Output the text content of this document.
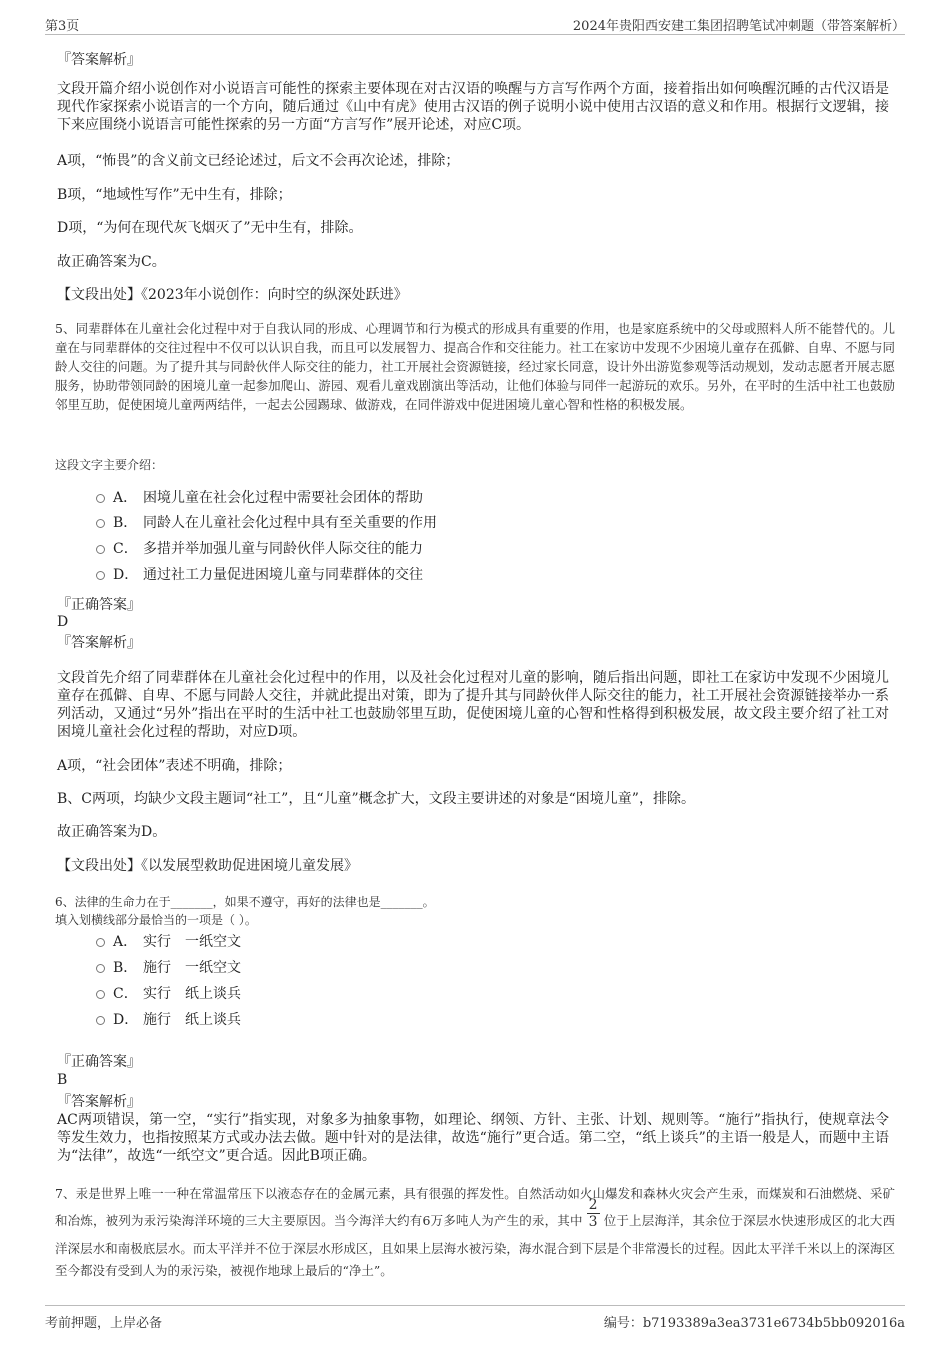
第3页	2024年贵阳西安建工集团招聘笔试冲刺题（带答案解析）
『答案解析』
文段开篇介绍小说创作对小说语言可能性的探索主要体现在对古汉语的唤醒与方言写作两个方面，接着指出如何唤醒沉睡的古代汉语是现代作家探索小说语言的一个方向，随后通过《山中有虎》使用古汉语的例子说明小说中使用古汉语的意义和作用。根据行文逻辑，接下来应围绕小说语言可能性探索的另一方面“方言写作”展开论述，对应C项。
A项，“怖畏”的含义前文已经论述过，后文不会再次论述，排除；
B项，“地域性写作”无中生有，排除；
D项，“为何在现代灰飞烟灭了”无中生有，排除。
故正确答案为C。
【文段出处】《2023年小说创作：向时空的纵深处跃进》
5、同辈群体在儿童社会化过程中对于自我认同的形成、心理调节和行为模式的形成具有重要的作用，也是家庭系统中的父母或照料人所不能替代的。儿童在与同辈群体的交往过程中不仅可以认识自我，而且可以发展智力、提高合作和交往能力。社工在家访中发现不少困境儿童存在孤僻、自卑、不愿与同龄人交往的问题。为了提升其与同龄伙伴人际交往的能力，社工开展社会资源链接，经过家长同意，设计外出游览参观等活动规划，发动志愿者开展志愿服务，协助带领同龄的困境儿童一起参加爬山、游园、观看儿童戏剧演出等活动，让他们体验与同伴一起游玩的欢乐。另外，在平时的生活中社工也鼓励邻里互助，促使困境儿童两两结伴，一起去公园踢球、做游戏，在同伴游戏中促进困境儿童心智和性格的积极发展。
这段文字主要介绍：
A． 困境儿童在社会化过程中需要社会团体的帮助
B． 同龄人在儿童社会化过程中具有至关重要的作用
C． 多措并举加强儿童与同龄伙伴人际交往的能力
D． 通过社工力量促进困境儿童与同辈群体的交往
『正确答案』
D
『答案解析』
文段首先介绍了同辈群体在儿童社会化过程中的作用，以及社会化过程对儿童的影响，随后指出问题，即社工在家访中发现不少困境儿童存在孤僻、自卑、不愿与同龄人交往，并就此提出对策，即为了提升其与同龄伙伴人际交往的能力，社工开展社会资源链接举办一系列活动，又通过“另外”指出在平时的生活中社工也鼓励邻里互助，促使困境儿童的心智和性格得到积极发展，故文段主要介绍了社工对困境儿童社会化过程的帮助，对应D项。
A项，“社会团体”表述不明确，排除；
B、C两项，均缺少文段主题词“社工”，且“儿童”概念扩大，文段主要讲述的对象是“困境儿童”，排除。
故正确答案为D。
【文段出处】《以发展型救助促进困境儿童发展》
6、法律的生命力在于_______，如果不遵守，再好的法律也是_______。
填入划横线部分最恰当的一项是（ ）。
A． 实行　一纸空文
B． 施行　一纸空文
C． 实行　纸上谈兵
D． 施行　纸上谈兵
『正确答案』
B
『答案解析』
AC两项错误，第一空，“实行”指实现，对象多为抽象事物，如理论、纲领、方针、主张、计划、规则等。“施行”指执行，使规章法令等发生效力，也指按照某方式或办法去做。题中针对的是法律，故选“施行”更合适。第二空，“纸上谈兵”的主语一般是人，而题中主语为“法律”，故选“一纸空文”更合适。因此B项正确。
7、汞是世界上唯一一种在常温常压下以液态存在的金属元素，具有很强的挥发性。自然活动如火山爆发和森林火灾会产生汞，而煤炭和石油燃烧、采矿和冶炼，被列为汞污染海洋环境的三大主要原因。当今海洋大约有6万多吨人为产生的汞，其中 $\frac{2}{3}$ 位于上层海洋，其余位于深层水快速形成区的北大西洋深层水和南极底层水。而太平洋并不位于深层水形成区，且如果上层海水被污染，海水混合到下层是个非常漫长的过程。因此太平洋千米以上的深海区至今都没有受到人为的汞污染，被视作地球上最后的“净土”。
考前押题，上岸必备	编号：b7193389a3ea3731e6734b5bb092016a
